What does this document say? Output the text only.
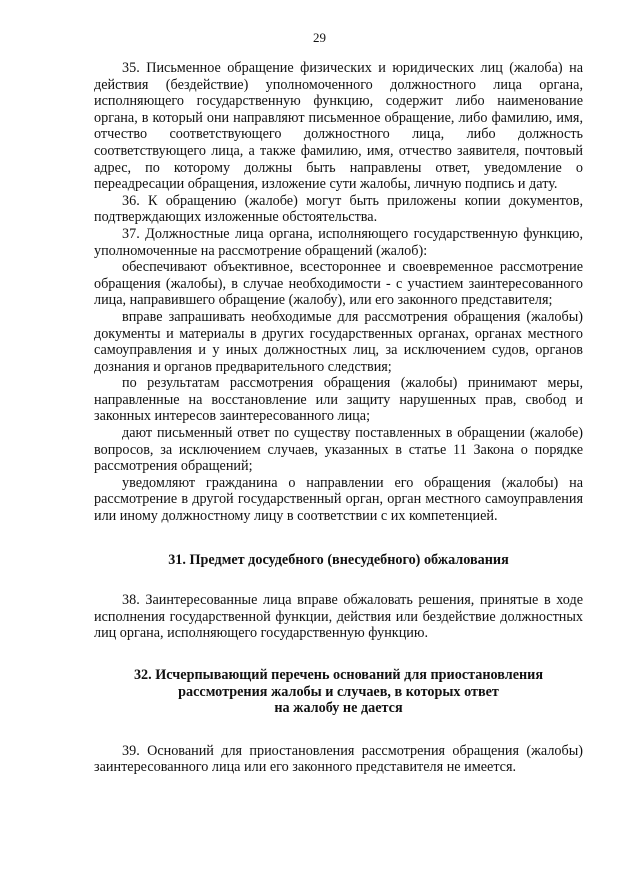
29

35. Письменное обращение физических и юридических лиц (жалоба) на действия (бездействие) уполномоченного должностного лица органа, исполняющего государственную функцию, содержит либо наименование органа, в который они направляют письменное обращение, либо фамилию, имя, отчество соответствующего должностного лица, либо должность соответствующего лица, а также фамилию, имя, отчество заявителя, почтовый адрес, по которому должны быть направлены ответ, уведомление о переадресации обращения, изложение сути жалобы, личную подпись и дату.

36. К обращению (жалобе) могут быть приложены копии документов, подтверждающих изложенные обстоятельства.

37. Должностные лица органа, исполняющего государственную функцию, уполномоченные на рассмотрение обращений (жалоб):

обеспечивают объективное, всестороннее и своевременное рассмотрение обращения (жалобы), в случае необходимости - с участием заинтересованного лица, направившего обращение (жалобу), или его законного представителя;

вправе запрашивать необходимые для рассмотрения обращения (жалобы) документы и материалы в других государственных органах, органах местного самоуправления и у иных должностных лиц, за исключением судов, органов дознания и органов предварительного следствия;

по результатам рассмотрения обращения (жалобы) принимают меры, направленные на восстановление или защиту нарушенных прав, свобод и законных интересов заинтересованного лица;

дают письменный ответ по существу поставленных в обращении (жалобе) вопросов, за исключением случаев, указанных в статье 11 Закона о порядке рассмотрения обращений;

уведомляют гражданина о направлении его обращения (жалобы) на рассмотрение в другой государственный орган, орган местного самоуправления или иному должностному лицу в соответствии с их компетенцией.

31. Предмет досудебного (внесудебного) обжалования

38. Заинтересованные лица вправе обжаловать решения, принятые в ходе исполнения государственной функции, действия или бездействие должностных лиц органа, исполняющего государственную функцию.

32. Исчерпывающий перечень оснований для приостановления
рассмотрения жалобы и случаев, в которых ответ
на жалобу не дается

39. Оснований для приостановления рассмотрения обращения (жалобы) заинтересованного лица или его законного представителя не имеется.
